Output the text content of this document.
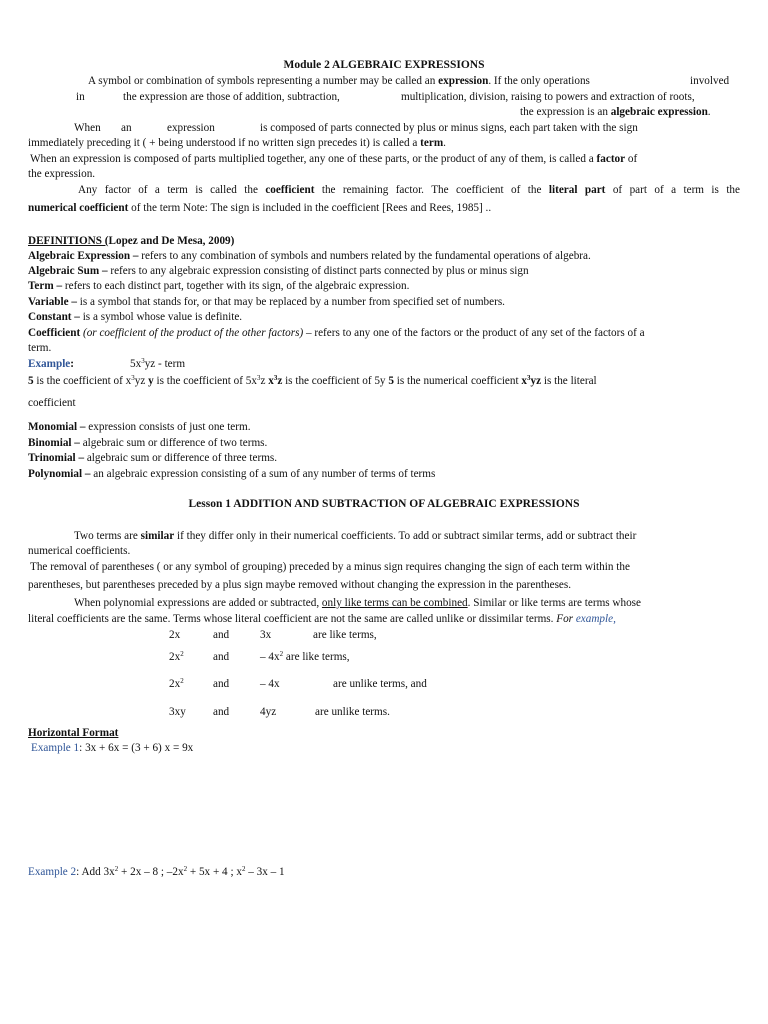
Module 2 ALGEBRAIC EXPRESSIONS
A symbol or combination of symbols representing a number may be called an expression. If the only operations	involved
in	the expression are those of addition, subtraction,	multiplication, division, raising to powers and extraction of roots,
the expression is an algebraic expression.
When an	expression	is composed of parts connected by plus or minus signs, each part taken with the sign
immediately preceding it ( + being understood if no written sign precedes it) is called a term.
When an expression is composed of parts multiplied together, any one of these parts, or the product of any of them, is called a factor of
the expression.
Any factor of a term is called the coefficient the remaining factor. The coefficient of the literal part of part of a term is the
numerical coefficient of the term Note: The sign is included in the coefficient [Rees and Rees, 1985] ..
DEFINITIONS (Lopez and De Mesa, 2009)
Algebraic Expression – refers to any combination of symbols and numbers related by the fundamental operations of algebra.
Algebraic Sum – refers to any algebraic expression consisting of distinct parts connected by plus or minus sign
Term – refers to each distinct part, together with its sign, of the algebraic expression.
Variable – is a symbol that stands for, or that may be replaced by a number from specified set of numbers.
Constant – is a symbol whose value is definite.
Coefficient (or coefficient of the product of the other factors) – refers to any one of the factors or the product of any set of the factors of a
term.
Example:	$5x^3yz$ - term
5 is the coefficient of $x^3yz$ y is the coefficient of $5x^3z$ $x^3z$ is the coefficient of 5y 5 is the numerical coefficient $x^3yz$ is the literal
coefficient
Monomial – expression consists of just one term.
Binomial – algebraic sum or difference of two terms.
Trinomial – algebraic sum or difference of three terms.
Polynomial – an algebraic expression consisting of a sum of any number of terms of terms
Lesson 1 ADDITION AND SUBTRACTION OF ALGEBRAIC EXPRESSIONS
Two terms are similar if they differ only in their numerical coefficients. To add or subtract similar terms, add or subtract their
numerical coefficients.
The removal of parentheses ( or any symbol of grouping) preceded by a minus sign requires changing the sign of each term within the
parentheses, but parentheses preceded by a plus sign maybe removed without changing the expression in the parentheses.
When polynomial expressions are added or subtracted, only like terms can be combined. Similar or like terms are terms whose
literal coefficients are the same. Terms whose literal coefficient are not the same are called unlike or dissimilar terms. For example,
2x	and	3x	are like terms,
$2x^2$	and	– $4x^2$ are like terms,
$2x^2$	and	– 4x	are unlike terms, and
3xy and	4yz	are unlike terms.
Horizontal Format
Example 1: 3x + 6x = (3 + 6) x = 9x
Example 2: Add $3x^2 + 2x - 8$ ; $-2x^2 + 5x + 4$ ; $x^2 - 3x - 1$
